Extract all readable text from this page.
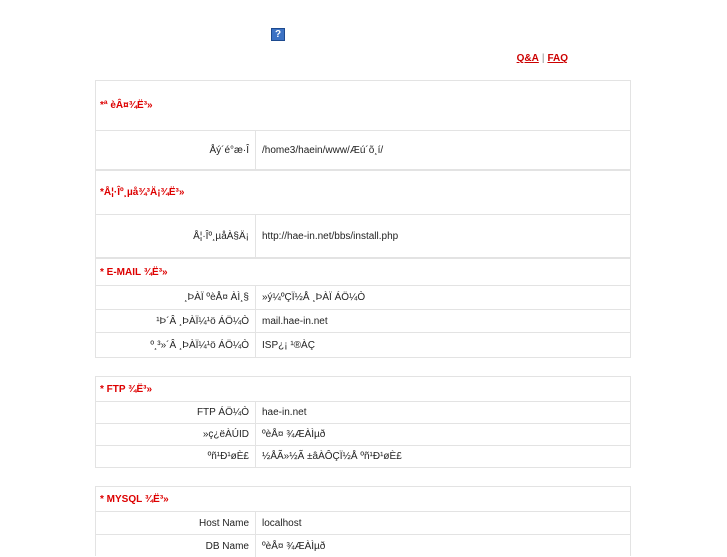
?
Q&A | FAQ
*ª èÂ¤¾Ë³»
Åý´é°æ·Î	/home3/haein/www/Æú´õ¸í/
*Å¦·Îº¸µå¾³Ä¡¾Ë³»
Å¦·Îº¸µåÀ§Ä¡	http://hae-in.net/bbs/install.php
* E-MAIL ¾Ë³»
¸ÞÀÏ ºèÅ¤ ÀÌ¸§	»ý¼ºÇÏ½Å ¸ÞÀÏ ÁÖ¼Ò
¹Þ´Â ¸ÞÀÏ¼¹ö ÁÖ¼Ò	mail.hae-in.net
º¸³»´Â ¸ÞÀÏ¼¹ö ÁÖ¼Ò	ISP¿¡ ¹®ÀÇ
* FTP ¾Ë³»
FTP ÁÖ¼Ò	hae-in.net
»ç¿ëÀÚID	ºèÅ¤ ¾ÆÀÌµð
ºñ¹Ð¹øÈ£	½ÅÃ»½Ã ±âÀÔÇÏ½Å ºñ¹Ð¹øÈ£
* MYSQL ¾Ë³»
Host Name	localhost
DB Name	ºèÅ¤ ¾ÆÀÌµð
